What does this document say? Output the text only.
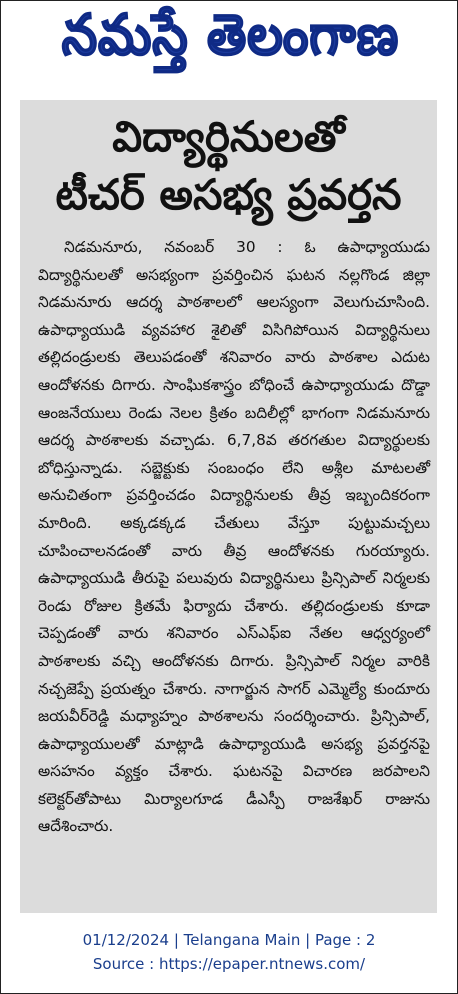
నమస్తే తెలంగాణ
విద్యార్థినులతో
టీచర్ అసభ్య ప్రవర్తన

నిడమనూరు, నవంబర్ 30 : ఓ ఉపాధ్యాయుడు విద్యార్థినులతో అసభ్యంగా ప్రవర్తించిన ఘటన నల్లగొండ జిల్లా నిడమనూరు ఆదర్శ పాఠశాలలో ఆలస్యంగా వెలుగుచూసింది. ఉపాధ్యాయుడి వ్యవహార శైలితో విసిగిపోయిన విద్యార్థినులు తల్లిదండ్రులకు తెలుపడంతో శనివారం వారు పాఠశాల ఎదుట ఆందోళనకు దిగారు. సాంఘికశాస్త్రం బోధించే ఉపాధ్యాయుడు దొడ్డా ఆంజనేయులు రెండు నెలల క్రితం బదిలీల్లో భాగంగా నిడమనూరు ఆదర్శ పాఠశాలకు వచ్చాడు. 6,7,8వ తరగతుల విద్యార్థులకు బోధిస్తున్నాడు. సబ్జెక్టుకు సంబంధం లేని అశ్లీల మాటలతో అనుచితంగా ప్రవర్తించడం విద్యార్థినులకు తీవ్ర ఇబ్బందికరంగా మారింది. అక్కడక్కడ చేతులు వేస్తూ పుట్టుమచ్చలు చూపించాలనడంతో వారు తీవ్ర ఆందోళనకు గురయ్యారు. ఉపాధ్యాయుడి తీరుపై పలువురు విద్యార్థినులు ప్రిన్సిపాల్ నిర్మలకు రెండు రోజుల క్రితమే ఫిర్యాదు చేశారు. తల్లిదండ్రులకు కూడా చెప్పడంతో వారు శనివారం ఎస్ఎఫ్ఐ నేతల ఆధ్వర్యంలో పాఠశాలకు వచ్చి ఆందోళనకు దిగారు. ప్రిన్సిపాల్ నిర్మల వారికి నచ్చజెప్పే ప్రయత్నం చేశారు. నాగార్జున సాగర్ ఎమ్మెల్యే కుందూరు జయవీర్‌రెడ్డి మధ్యాహ్నం పాఠశాలను సందర్శించారు. ప్రిన్సిపాల్, ఉపాధ్యాయులతో మాట్లాడి ఉపాధ్యాయుడి అసభ్య ప్రవర్తనపై అసహనం వ్యక్తం చేశారు. ఘటనపై విచారణ జరపాలని కలెక్టర్‌తోపాటు మిర్యాలగూడ డీఎస్పీ రాజశేఖర్ రాజును ఆదేశించారు.

01/12/2024 | Telangana Main | Page : 2
Source : https://epaper.ntnews.com/
